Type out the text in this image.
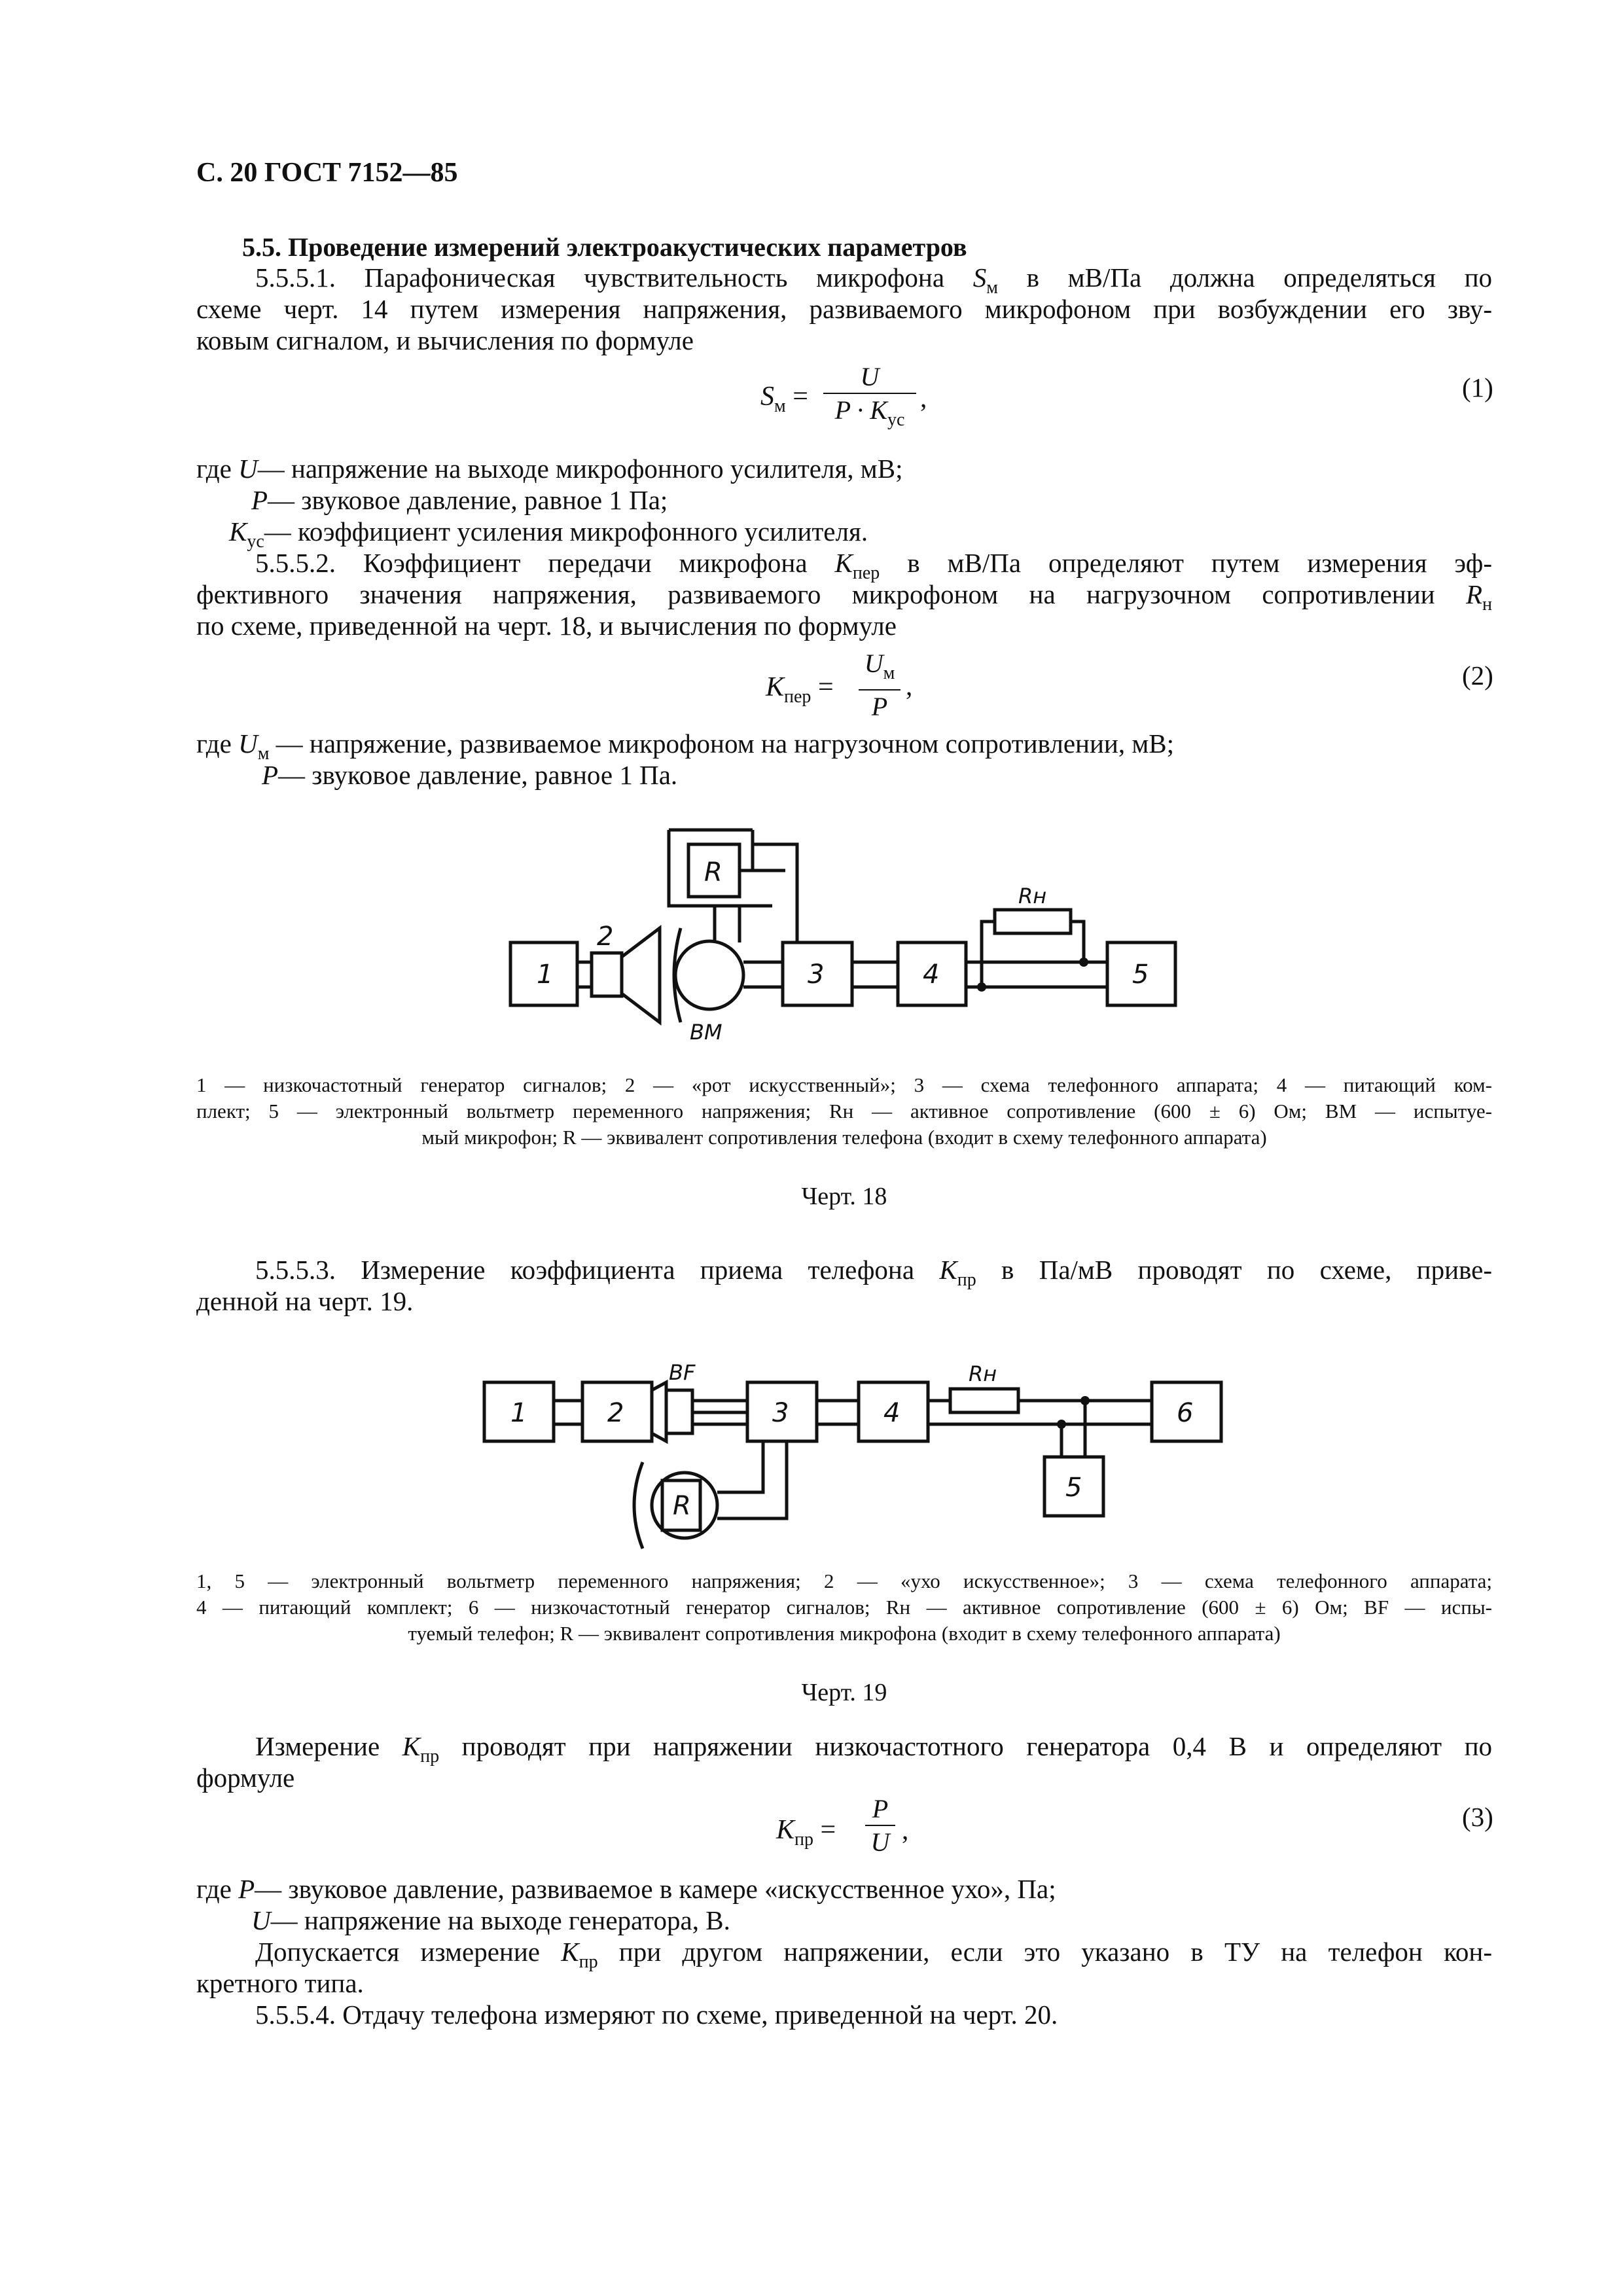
С. 20 ГОСТ 7152—85
5.5. Проведение измерений электроакустических параметров
5.5.5.1. Парафоническая чувствительность микрофона $S_м$ в мВ/Па должна определяться по
схеме черт. 14 путем измерения напряжения, развиваемого микрофоном при возбуждении его зву-
ковым сигналом, и вычисления по формуле
$S_м$ =
U
$P \cdot K_{ус}$
,	(1)
где U— напряжение на выходе микрофонного усилителя, мВ;
P— звуковое давление, равное 1 Па;
$K_{ус}—$ коэффициент усиления микрофонного усилителя.
5.5.5.2. Коэффициент передачи микрофона $K_{пер}$ в мВ/Па определяют путем измерения эф-
фективного значения напряжения, развиваемого микрофоном на нагрузочном сопротивлении $R_н$
по схеме, приведенной на черт. 18, и вычисления по формуле
$K_{пер}$ =
$U_м$
P
,	(2)
где $U_м$ — напряжение, развиваемое микрофоном на нагрузочном сопротивлении, мВ;
P— звуковое давление, равное 1 Па.
1
2
3	4	5
R
Rн
BM
1 — низкочастотный генератор сигналов; 2 — «рот искусственный»; 3 — схема телефонного аппарата; 4 — питающий ком-
плект; 5 — электронный вольтметр переменного напряжения; Rн — активное сопротивление (600 ± 6) Ом; BM — испытуе-
мый микрофон; R — эквивалент сопротивления телефона (входит в схему телефонного аппарата)
Черт. 18
5.5.5.3. Измерение коэффициента приема телефона $K_{пр}$ в Па/мВ проводят по схеме, приве-
денной на черт. 19.
1	2	3	4
5
6
R
Rн
BF
1, 5 — электронный вольтметр переменного напряжения; 2 — «ухо искусственное»; 3 — схема телефонного аппарата;
4 — питающий комплект; 6 — низкочастотный генератор сигналов; Rн — активное сопротивление (600 ± 6) Ом; BF — испы-
туемый телефон; R — эквивалент сопротивления микрофона (входит в схему телефонного аппарата)
Черт. 19
Измерение $K_{пр}$ проводят при напряжении низкочастотного генератора 0,4 В и определяют по
формуле
$K_{пр}$ =
P
U ,	(3)
где P— звуковое давление, развиваемое в камере «искусственное ухо», Па;
U— напряжение на выходе генератора, В.
Допускается измерение $K_{пр}$ при другом напряжении, если это указано в ТУ на телефон кон-
кретного типа.
5.5.5.4. Отдачу телефона измеряют по схеме, приведенной на черт. 20.
